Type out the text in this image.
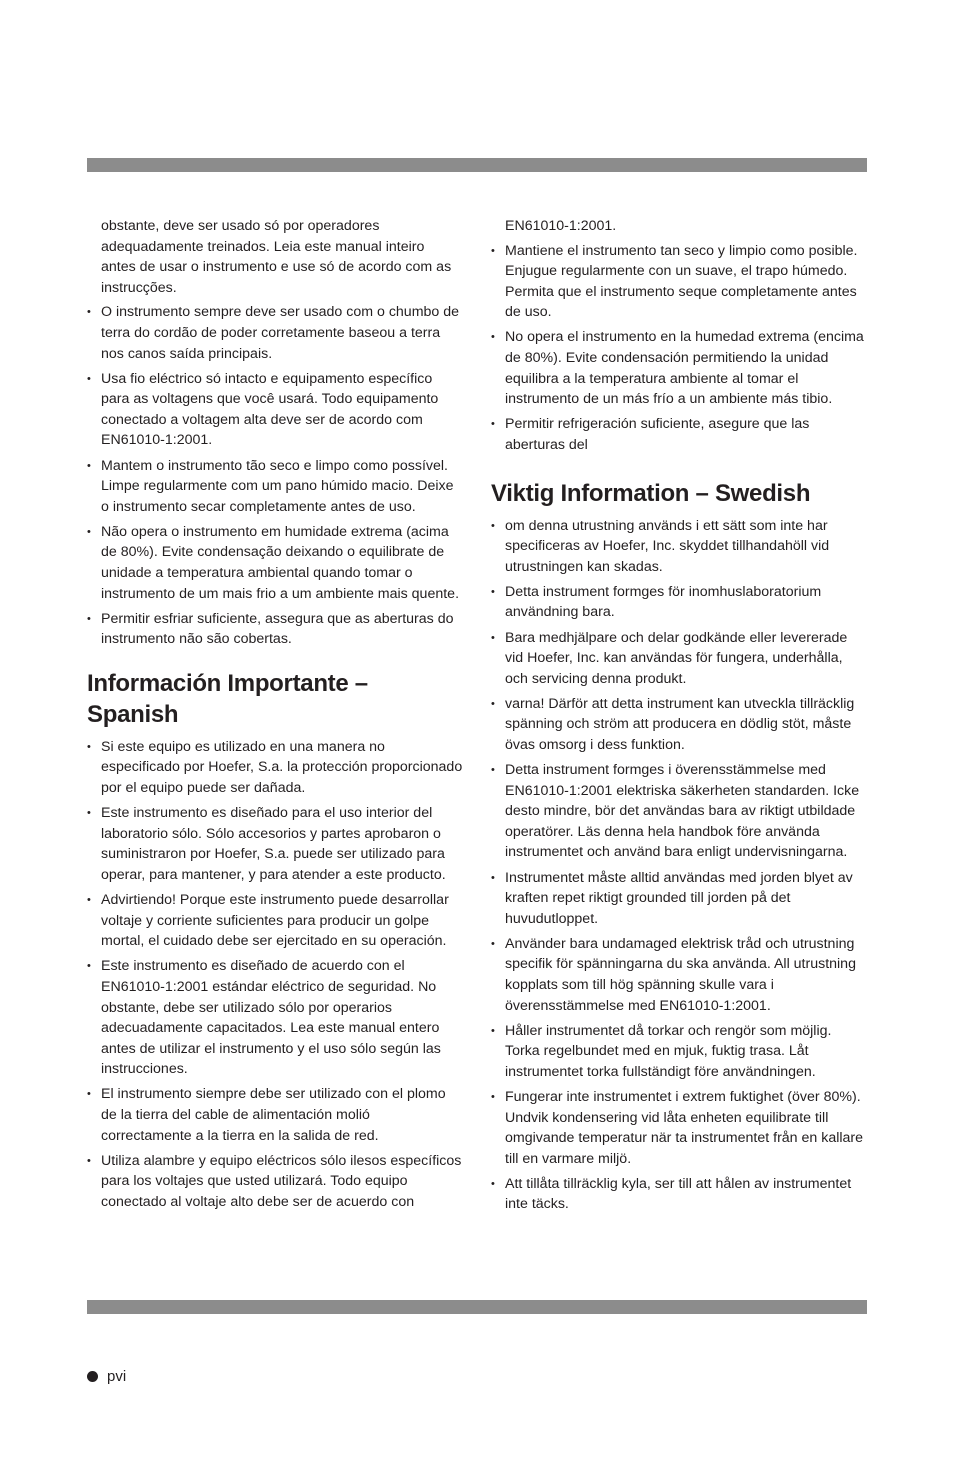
obstante, deve ser usado só por operadores adequadamente treinados. Leia este manual inteiro antes de usar o instrumento e use só de acordo com as instrucções.

• O instrumento sempre deve ser usado com o chumbo de terra do cordão de poder corretamente baseou a terra nos canos saída principais.
• Usa fio eléctrico só intacto e equipamento específico para as voltagens que você usará. Todo equipamento conectado a voltagem alta deve ser de acordo com EN61010-1:2001.
• Mantem o instrumento tão seco e limpo como possível. Limpe regularmente com um pano húmido macio. Deixe o instrumento secar completamente antes de uso.
• Não opera o instrumento em humidade extrema (acima de 80%). Evite condensação deixando o equilibrate de unidade a temperatura ambiental quando tomar o instrumento de um mais frio a um ambiente mais quente.
• Permitir esfriar suficiente, assegura que as aberturas do instrumento não são cobertas.
Información Importante – Spanish
• Si este equipo es utilizado en una manera no especificado por Hoefer, S.a. la protección proporcionado por el equipo puede ser dañada.
• Este instrumento es diseñado para el uso interior del laboratorio sólo. Sólo accesorios y partes aprobaron o suministraron por Hoefer, S.a. puede ser utilizado para operar, para mantener, y para atender a este producto.
• Advirtiendo! Porque este instrumento puede desarrollar voltaje y corriente suficientes para producir un golpe mortal, el cuidado debe ser ejercitado en su operación.
• Este instrumento es diseñado de acuerdo con el EN61010-1:2001 estándar eléctrico de seguridad. No obstante, debe ser utilizado sólo por operarios adecuadamente capacitados. Lea este manual entero antes de utilizar el instrumento y el uso sólo según las instrucciones.
• El instrumento siempre debe ser utilizado con el plomo de la tierra del cable de alimentación molió correctamente a la tierra en la salida de red.
• Utiliza alambre y equipo eléctricos sólo ilesos específicos para los voltajes que usted utilizará. Todo equipo conectado al voltaje alto debe ser de acuerdo con

EN61010-1:2001.

• Mantiene el instrumento tan seco y limpio como posible. Enjugue regularmente con un suave, el trapo húmedo. Permita que el instrumento seque completamente antes de uso.
• No opera el instrumento en la humedad extrema (encima de 80%). Evite condensación permitiendo la unidad equilibra a la temperatura ambiente al tomar el instrumento de un más frío a un ambiente más tibio.
• Permitir refrigeración suficiente, asegure que las aberturas del
Viktig Information – Swedish
• om denna utrustning används i ett sätt som inte har specificeras av Hoefer, Inc. skyddet tillhandahöll vid utrustningen kan skadas.
• Detta instrument formges för inomhuslaboratorium användning bara.
• Bara medhjälpare och delar godkände eller levererade vid Hoefer, Inc. kan användas för fungera, underhålla, och servicing denna produkt.
• varna! Därför att detta instrument kan utveckla tillräcklig spänning och ström att producera en dödlig stöt, måste övas omsorg i dess funktion.
• Detta instrument formges i överensstämmelse med EN61010-1:2001 elektriska säkerheten standarden. Icke desto mindre, bör det användas bara av riktigt utbildade operatörer. Läs denna hela handbok före använda instrumentet och använd bara enligt undervisningarna.
• Instrumentet måste alltid användas med jorden blyet av kraften repet riktigt grounded till jorden på det huvudutloppet.
• Använder bara undamaged elektrisk tråd och utrustning specifik för spänningarna du ska använda. All utrustning kopplats som till hög spänning skulle vara i överensstämmelse med EN61010-1:2001.
• Håller instrumentet då torkar och rengör som möjlig. Torka regelbundet med en mjuk, fuktig trasa. Låt instrumentet torka fullständigt före användningen.
• Fungerar inte instrumentet i extrem fuktighet (över 80%). Undvik kondensering vid låta enheten equilibrate till omgivande temperatur när ta instrumentet från en kallare till en varmare miljö.
• Att tillåta tillräcklig kyla, ser till att hålen av instrumentet inte täcks.
pvi
